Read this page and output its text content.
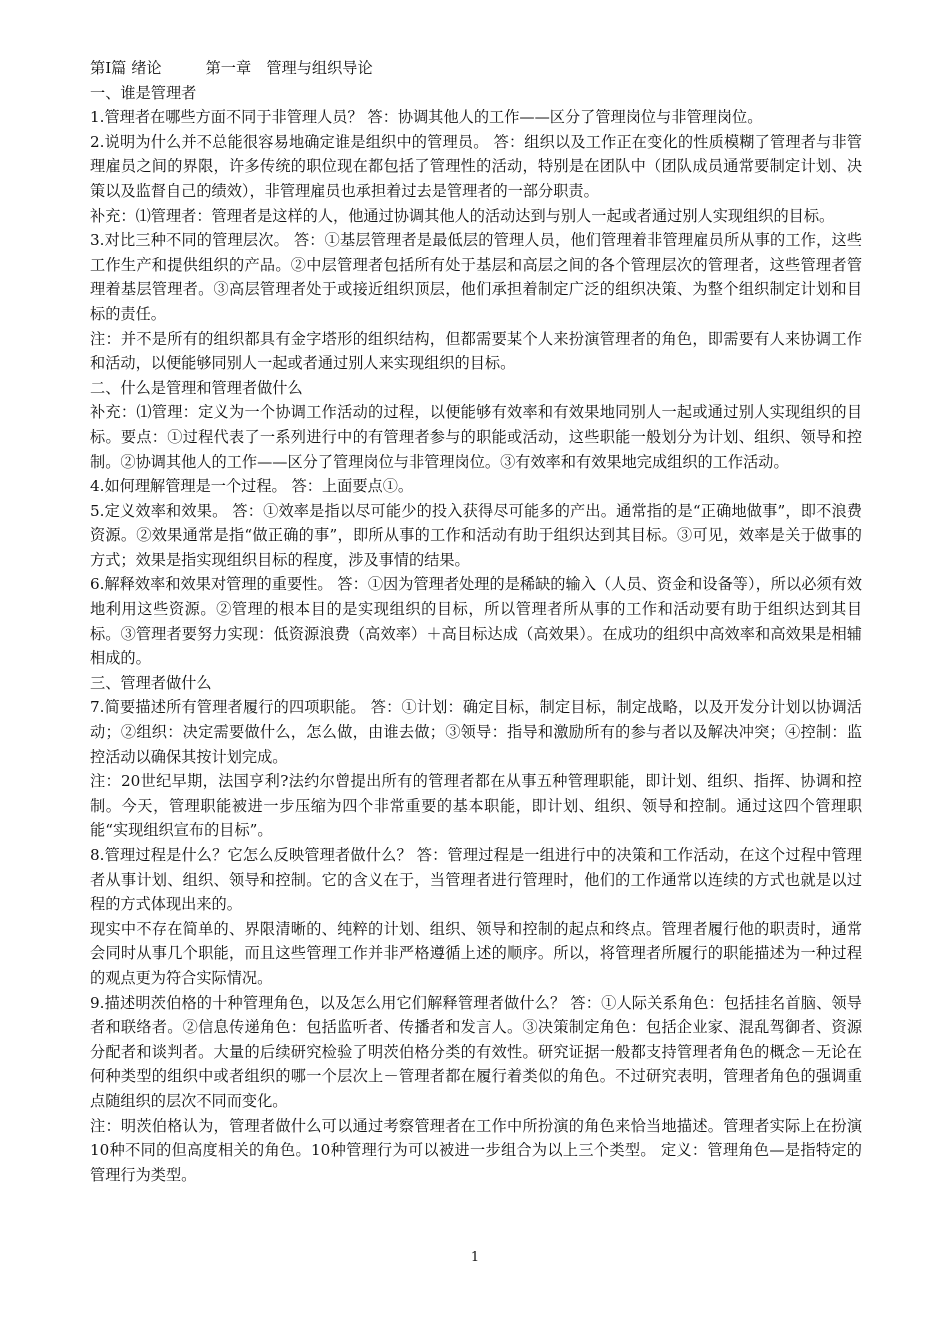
第Ⅰ篇 绪论	第一章　管理与组织导论

一、谁是管理者

1.管理者在哪些方面不同于非管理人员？ 答：协调其他人的工作——区分了管理岗位与非管理岗位。

2.说明为什么并不总能很容易地确定谁是组织中的管理员。 答：组织以及工作正在变化的性质模糊了管理者与非管理雇员之间的界限，许多传统的职位现在都包括了管理性的活动，特别是在团队中（团队成员通常要制定计划、决策以及监督自己的绩效），非管理雇员也承担着过去是管理者的一部分职责。

补充：⑴管理者：管理者是这样的人，他通过协调其他人的活动达到与别人一起或者通过别人实现组织的目标。

3.对比三种不同的管理层次。 答：①基层管理者是最低层的管理人员，他们管理着非管理雇员所从事的工作，这些工作生产和提供组织的产品。②中层管理者包括所有处于基层和高层之间的各个管理层次的管理者，这些管理者管理着基层管理者。③高层管理者处于或接近组织顶层，他们承担着制定广泛的组织决策、为整个组织制定计划和目标的责任。

注：并不是所有的组织都具有金字塔形的组织结构，但都需要某个人来扮演管理者的角色，即需要有人来协调工作和活动，以便能够同别人一起或者通过别人来实现组织的目标。

二、什么是管理和管理者做什么

补充：⑴管理：定义为一个协调工作活动的过程，以便能够有效率和有效果地同别人一起或通过别人实现组织的目标。要点：①过程代表了一系列进行中的有管理者参与的职能或活动，这些职能一般划分为计划、组织、领导和控制。②协调其他人的工作——区分了管理岗位与非管理岗位。③有效率和有效果地完成组织的工作活动。

4.如何理解管理是一个过程。 答：上面要点①。

5.定义效率和效果。 答：①效率是指以尽可能少的投入获得尽可能多的产出。通常指的是“正确地做事”，即不浪费资源。②效果通常是指“做正确的事”，即所从事的工作和活动有助于组织达到其目标。③可见，效率是关于做事的方式；效果是指实现组织目标的程度，涉及事情的结果。

6.解释效率和效果对管理的重要性。 答：①因为管理者处理的是稀缺的输入（人员、资金和设备等），所以必须有效地利用这些资源。②管理的根本目的是实现组织的目标，所以管理者所从事的工作和活动要有助于组织达到其目标。③管理者要努力实现：低资源浪费（高效率）＋高目标达成（高效果）。在成功的组织中高效率和高效果是相辅相成的。

三、管理者做什么

7.简要描述所有管理者履行的四项职能。 答：①计划：确定目标，制定目标，制定战略，以及开发分计划以协调活动；②组织：决定需要做什么，怎么做，由谁去做；③领导：指导和激励所有的参与者以及解决冲突；④控制：监控活动以确保其按计划完成。

注：20世纪早期，法国亨利?法约尔曾提出所有的管理者都在从事五种管理职能，即计划、组织、指挥、协调和控制。今天，管理职能被进一步压缩为四个非常重要的基本职能，即计划、组织、领导和控制。通过这四个管理职能“实现组织宣布的目标”。

8.管理过程是什么？它怎么反映管理者做什么？ 答：管理过程是一组进行中的决策和工作活动，在这个过程中管理者从事计划、组织、领导和控制。它的含义在于，当管理者进行管理时，他们的工作通常以连续的方式也就是以过程的方式体现出来的。

现实中不存在简单的、界限清晰的、纯粹的计划、组织、领导和控制的起点和终点。管理者履行他的职责时，通常会同时从事几个职能，而且这些管理工作并非严格遵循上述的顺序。所以，将管理者所履行的职能描述为一种过程的观点更为符合实际情况。

9.描述明茨伯格的十种管理角色，以及怎么用它们解释管理者做什么？ 答：①人际关系角色：包括挂名首脑、领导者和联络者。②信息传递角色：包括监听者、传播者和发言人。③决策制定角色：包括企业家、混乱驾御者、资源分配者和谈判者。大量的后续研究检验了明茨伯格分类的有效性。研究证据一般都支持管理者角色的概念－无论在何种类型的组织中或者组织的哪一个层次上－管理者都在履行着类似的角色。不过研究表明，管理者角色的强调重点随组织的层次不同而变化。

注：明茨伯格认为，管理者做什么可以通过考察管理者在工作中所扮演的角色来恰当地描述。管理者实际上在扮演10种不同的但高度相关的角色。10种管理行为可以被进一步组合为以上三个类型。 定义：管理角色—是指特定的管理行为类型。

1
